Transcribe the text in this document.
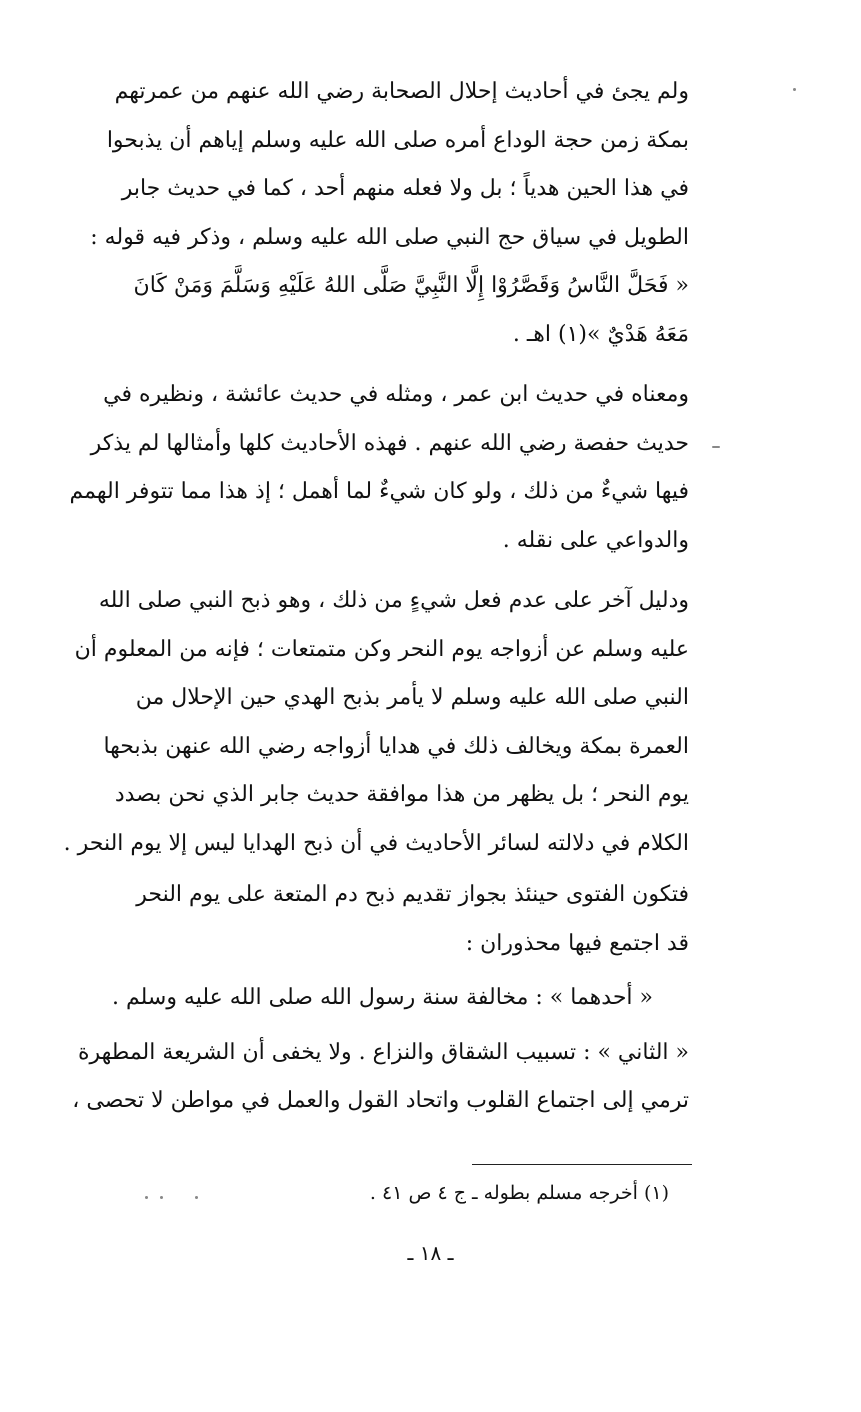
ولم يجئ في أحاديث إحلال الصحابة رضي الله عنهم من عمرتهم
بمكة زمن حجة الوداع أمره صلى الله عليه وسلم إياهم أن يذبحوا
في هذا الحين هدياً ؛ بل ولا فعله منهم أحد ، كما في حديث جابر
الطويل في سياق حج النبي صلى الله عليه وسلم ، وذكر فيه قوله :
« فَحَلَّ النَّاسُ وَقَصَّرُوْا إِلَّا النَّبِيَّ صَلَّى اللهُ عَلَيْهِ وَسَلَّمَ وَمَنْ كَانَ
مَعَهُ هَدْيٌ »(١) اهـ .

ومعناه في حديث ابن عمر ، ومثله في حديث عائشة ، ونظيره في
حديث حفصة رضي الله عنهم . فهذه الأحاديث كلها وأمثالها لم يذكر
فيها شيءٌ من ذلك ، ولو كان شيءٌ لما أهمل ؛ إذ هذا مما تتوفر الهمم
والدواعي على نقله .

ودليل آخر على عدم فعل شيءٍ من ذلك ، وهو ذبح النبي صلى الله
عليه وسلم عن أزواجه يوم النحر وكن متمتعات ؛ فإنه من المعلوم أن
النبي صلى الله عليه وسلم لا يأمر بذبح الهدي حين الإحلال من
العمرة بمكة ويخالف ذلك في هدايا أزواجه رضي الله عنهن بذبحها
يوم النحر ؛ بل يظهر من هذا موافقة حديث جابر الذي نحن بصدد
الكلام في دلالته لسائر الأحاديث في أن ذبح الهدايا ليس إلا يوم النحر .

فتكون الفتوى حينئذ بجواز تقديم ذبح دم المتعة على يوم النحر
قد اجتمع فيها محذوران :

« أحدهما » : مخالفة سنة رسول الله صلى الله عليه وسلم .

« الثاني » : تسبيب الشقاق والنزاع . ولا يخفى أن الشريعة المطهرة
ترمي إلى اجتماع القلوب واتحاد القول والعمل في مواطن لا تحصى ،

(١) أخرجه مسلم بطوله ـ ج ٤ ص ٤١ .
ـ ١٨ ـ
